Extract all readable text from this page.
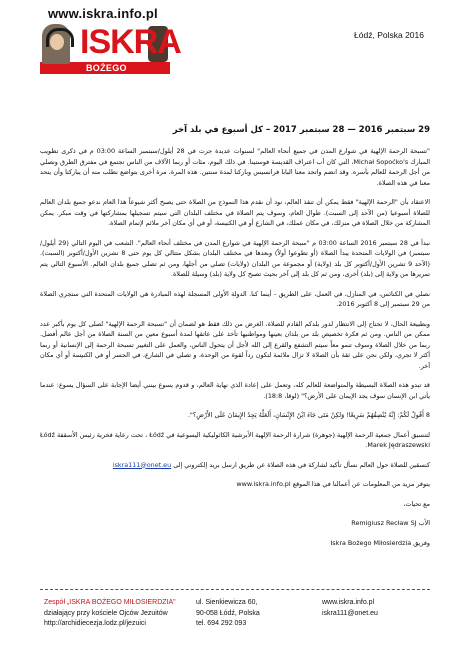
www.iskra.info.pl
ISKRA
BOŻEGO MIŁOSIERDZIA
Łódź, Polska 2016
29 سبتمبر 2016 — 28 سبتمبر 2017 – كل أسبوع في بلد آخر

"تسبحة الرحمة الإلهية في شوارع المدن في جميع أنحاء العالم" لسنوات عديدة جرت في 28 أيلول/سبتمبر الساعة 03:00 م في ذكرى تطويب المبارك Michał Sopoćko's، التي كان أب اعتراف القديسة فوستينا. في ذلك اليوم، مئات أو ربما الآلاف من الناس تجتمع في مفترق الطرق وتصلي من أجل الرحمة للعالم بأسره. وقد انضم واتحد معنا البابا فرانسيس وباركنا لمدة سنتين. هذه المرة، مرة أخرى بتواضع نطلب منه أن يباركنا وأن يتحد معنا في هذه الصلاة.

الاعتقاد بأن "الرحمة الإلهية" فقط يمكن أن تنقذ العالم، نود أن نقدم هذا النموذج من الصلاة حتى يصبح أكثر شيوعاً هذا العام ندعو جميع بلدان العالم للصلاة أسبوعيا (من الآحد إلى السبت). طوال العام، وسوف يتم الصلاة في مختلف البلدان التي سيتم تسجيلها بمشاركتها في وقت مبكر. يمكن المشاركة من خلال الصلاة في منزلك، في مكان عملك، في الشارع أو في الكنيسة، أو في أي مكان آخر ملائم لإتمام الصلاة.

نبدأ في 28 سبتمبر 2016 الساعة 03:00 م "سبحة الرحمة الإلهية في شوارع المدن في مختلف أنحاء العالم". الشعب في اليوم التالي (29 أيلول/سبتمبر) في الولايات المتحدة يبدأ الصلاة (أو تطوعوا أولاً) وبعدها في مختلف البلدان بشكل متتالي كل يوم حتى 8 تشرين الأول/أكتوبر (السبت). (الآحد 9 تشرين الأول/أكتوبر كل بلد (ولاية) أو مجموعة من البلدان (ولايات) تصلي من أجلها، ومن ثم تصلي جميع بلدان العالم. الأسبوع التالي يتم تمريرها من ولاية إلى (بلد) أخرى، ومن ثم كل بلد إلى آخر بحيث تصبح كل ولاية (بلد) وسيلة للصلاة.

نصلي في الكنائس، في المنازل، في العمل، على الطريق - أينما كنا. الدولة الأولى المسجلة لهذه المبادرة هي الولايات المتحدة التي ستجري الصلاة من 29 سبتمبر إلى 8 أكتوبر 2016.

وبطبيعة الحال، لا تحتاج إلى الانتظار لدور بلدكم القادم للصلاة، الغرض من ذلك فقط هو لضمان أن "تسبحة الرحمة الإلهية" تُصلى كل يوم بأكبر عدد ممكن من الناس. ومن ثم فكرة تخصيص بلد من بلدان بعينها ومواطنيها تأخذ على عاتقها لمدة أسبوع معين من السنة الصلاة من أجل عالم أفضل. ربما من خلال الصلاة وسوف تنمو معاً سيتم التشفع والقرع إلى الله لأجل أن يتحول الناس، والعمل على التغيير تسبحة الرحمة إلى الإنسانية أو ربما أكثر لا تجري، ولكن نحن على ثقة بأن الصلاة لا تزال ملائمة لتكون رداً لقوة من الوحدة، و تصلي في الشارع، في الجسر أو في الكنيسة أو أي مكان آخر.

قد تبدو هذه الصلاة البسيطة والمتواضعة للعالم كله، وتعمل على إعادة الذي نهاية العالم، و قدوم يسوع بينني أيضا الإجابة على السؤال يسوع: عندما يأتي ابن الإنسان سوف يجد الإيمان على الأرض؟" (لوقا، 18:8).

8 أَقُولُ لَكُمْ: إِنَّهُ يُنْصِفُهُمْ سَرِيعًا! وَلكِنْ مَتَى جَاءَ ابْنُ الإِنْسَانِ، أَلَعَلَّهُ يَجِدُ الإِيمَانَ عَلَى الأَرْضِ؟".

لتنسيق أعمال جمعية الرحمة الإلهية (جوهرة) شرارة الرحمة الإلهية الأبرشية الكاثوليكية اليسوعية في Łódź ، تحت رعاية فخرية رئيس الأسقفة Łódź Marek Jędraszewski.

كنسقين للصلاة حول العالم نسأل تأكيد لشاركة في هذه الصلاة عن طريق ارسل بريد إلكتروني إلى iskra111@onet.eu

يتوفر مزيد من المعلومات عن أعمالنا في هذا الموقع www.iskra.info.pl

مع تحيات،

الأب Remigiusz Recław SJ

وفريق Iskra Bożego Miłosierdzia

Zespół „ISKRA BOŻEGO MIŁOSIERDZIA"
działający przy kościele Ojców Jezuitów
http://archidiecezja.lodz.pl/jezuici
ul. Sienkiewicza 60,
90-058 Łódź, Polska
tel. 694 292 093
www.iskra.info.pl
iskra111@onet.eu
